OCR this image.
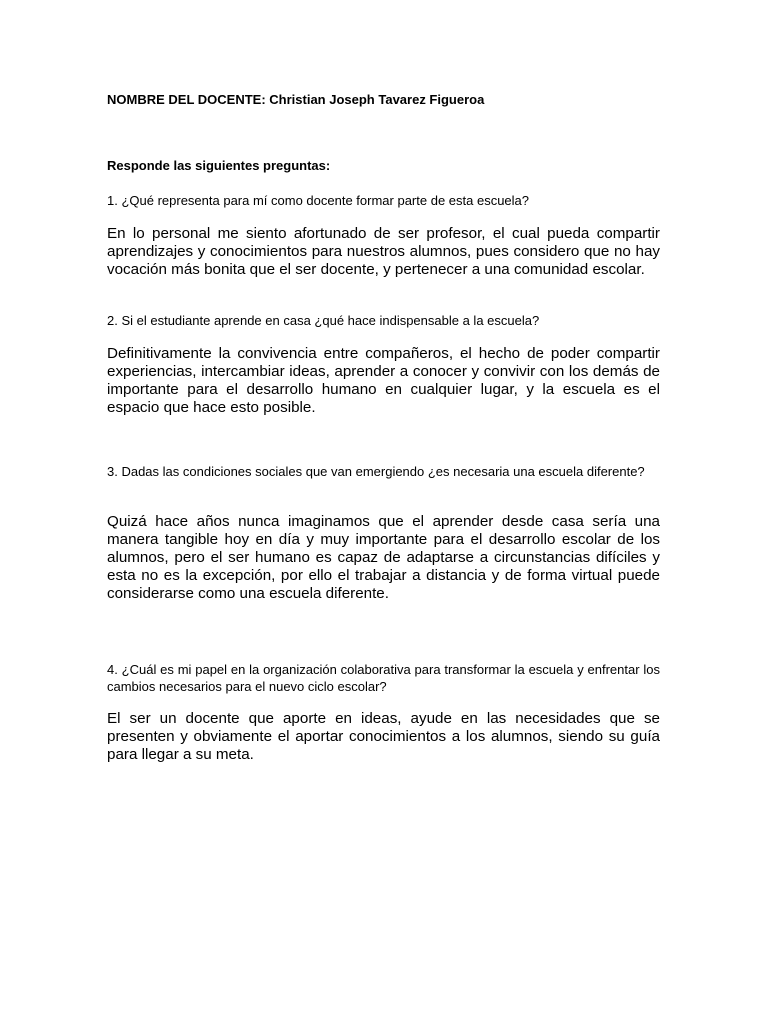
NOMBRE DEL DOCENTE: Christian Joseph Tavarez Figueroa
Responde las siguientes preguntas:
1. ¿Qué representa para mí como docente formar parte de esta escuela?
En lo personal me siento afortunado de ser profesor, el cual pueda compartir aprendizajes y conocimientos para nuestros alumnos, pues considero que no hay vocación más bonita que el ser docente, y pertenecer a una comunidad escolar.
2. Si el estudiante aprende en casa ¿qué hace indispensable a la escuela?
Definitivamente la convivencia entre compañeros, el hecho de poder compartir experiencias, intercambiar ideas, aprender a conocer y convivir con los demás de importante para el desarrollo humano en cualquier lugar, y la escuela es el espacio que hace esto posible.
3. Dadas las condiciones sociales que van emergiendo ¿es necesaria una escuela diferente?
Quizá hace años nunca imaginamos que el aprender desde casa sería una manera tangible hoy en día y muy importante para el desarrollo escolar de los alumnos, pero el ser humano es capaz de adaptarse a circunstancias difíciles y esta no es la excepción, por ello el trabajar a distancia y de forma virtual puede considerarse como una escuela diferente.
4. ¿Cuál es mi papel en la organización colaborativa para transformar la escuela y enfrentar los cambios necesarios para el nuevo ciclo escolar?
El ser un docente que aporte en ideas, ayude en las necesidades que se presenten y obviamente el aportar conocimientos a los alumnos, siendo su guía para llegar a su meta.
